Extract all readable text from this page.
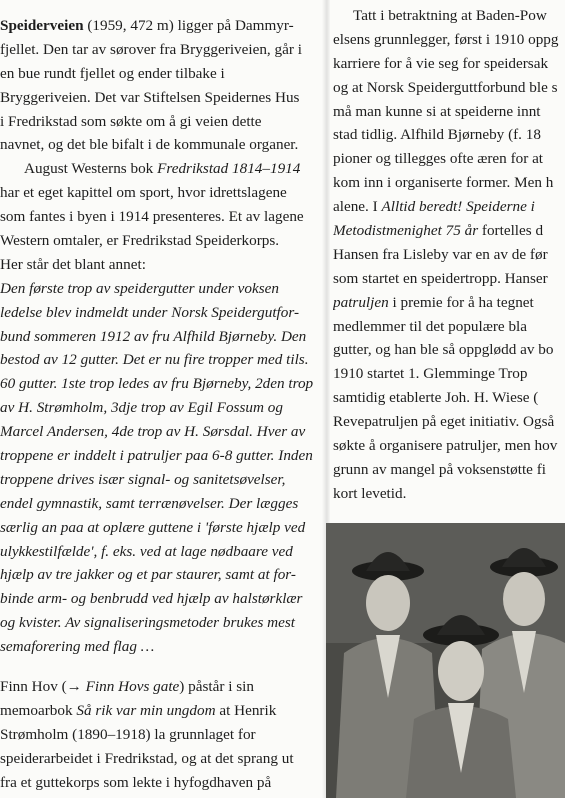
Speiderveien (1959, 472 m) ligger på Dammyr-
fjellet. Den tar av sørover fra Bryggeriveien, går i
en bue rundt fjellet og ender tilbake i
Bryggeriveien. Det var Stiftelsen Speidernes Hus
i Fredrikstad som søkte om å gi veien dette
navnet, og det ble bifalt i de kommunale organer.
August Westerns bok Fredrikstad 1814–1914
har et eget kapittel om sport, hvor idrettslagene
som fantes i byen i 1914 presenteres. Et av lagene
Western omtaler, er Fredrikstad Speiderkorps.
Her står det blant annet:
Den første trop av speidergutter under voksen
ledelse blev indmeldt under Norsk Speidergutfor-
bund sommeren 1912 av fru Alfhild Bjørneby. Den
bestod av 12 gutter. Det er nu fire tropper med tils.
60 gutter. 1ste trop ledes av fru Bjørneby, 2den trop
av H. Strømholm, 3dje trop av Egil Fossum og
Marcel Andersen, 4de trop av H. Sørsdal. Hver av
troppene er inddelt i patruljer paa 6-8 gutter. Inden
troppene drives især signal- og sanitetsøvelser,
endel gymnastik, samt terrænøvelser. Der lægges
særlig an paa at oplære guttene i 'første hjælp ved
ulykkestilfælde', f. eks. ved at lage nødbaare ved
hjælp av tre jakker og et par staurer, samt at for-
binde arm- og benbrudd ved hjælp av halstørklær
og kvister. Av signaliseringsmetoder brukes mest
semaforering med flag …
Finn Hov (→ Finn Hovs gate) påstår i sin
memoarbok Så rik var min ungdom at Henrik
Strømholm (1890–1918) la grunnlaget for
speiderarbeidet i Fredrikstad, og at det sprang ut
fra et guttekorps som lekte i hyfogdhaven på
Tatt i betraktning at Baden-Pow
elsens grunnlegger, først i 1910 oppg
karriere for å vie seg for speidersak
og at Norsk Speiderguttforbund ble s
må man kunne si at speiderne innt
stad tidlig. Alfhild Bjørneby (f. 18
pioner og tillegges ofte æren for at
kom inn i organiserte former. Men h
alene. I Alltid beredt! Speiderne i
Metodistmenighet 75 år fortelles d
Hansen fra Lisleby var en av de før
som startet en speidertropp. Hanser
patruljen i premie for å ha tegnet
medlemmer til det populære bla
gutter, og han ble så oppglødd av bo
1910 startet 1. Glemminge Trop
samtidig etablerte Joh. H. Wiese (
Revepatruljen på eget initiativ. Også
søkte å organisere patruljer, men hov
grunn av mangel på voksenstøtte fi
kort levetid.
